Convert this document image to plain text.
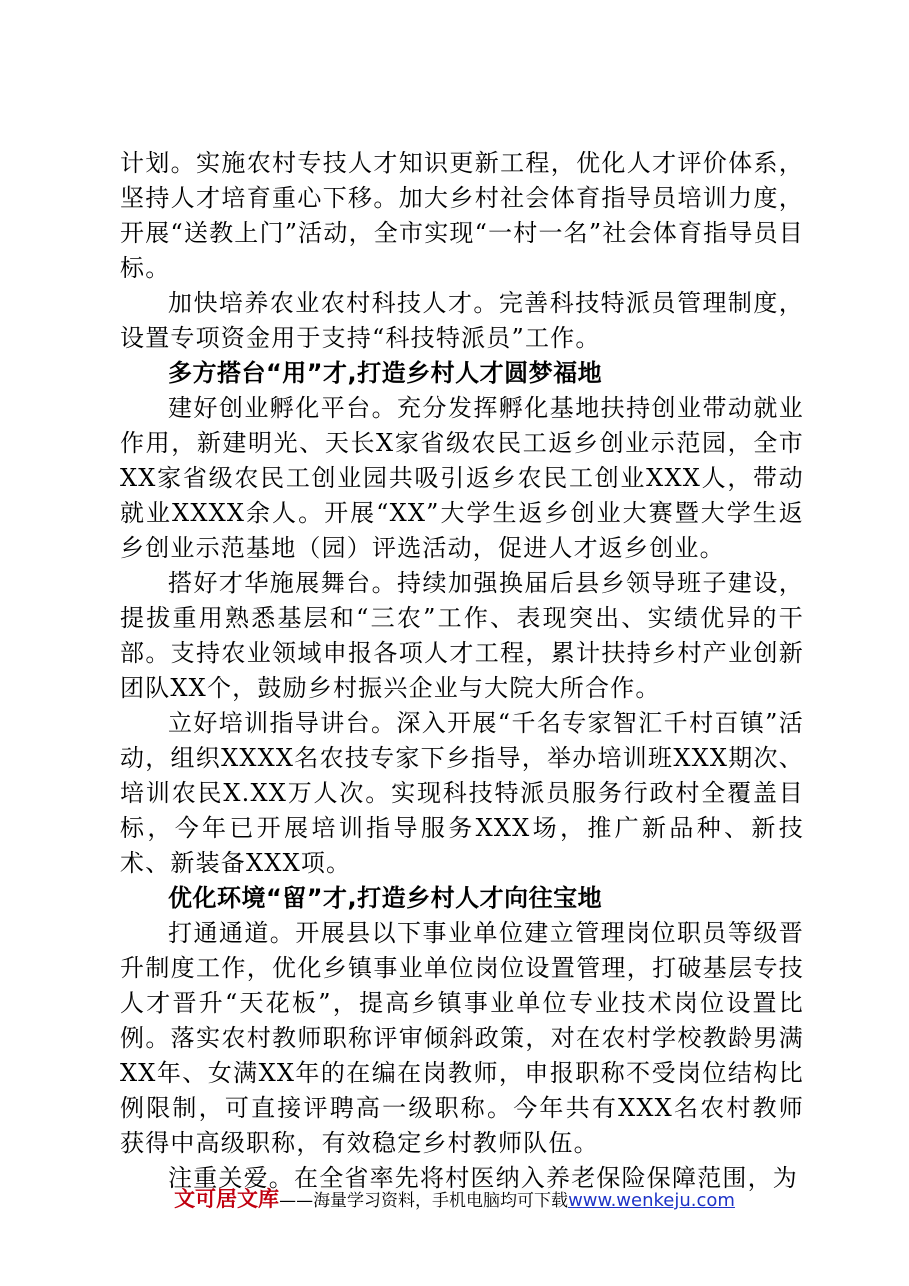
计划。实施农村专技人才知识更新工程，优化人才评价体系，坚持人才培育重心下移。加大乡村社会体育指导员培训力度，开展“送教上门”活动，全市实现“一村一名”社会体育指导员目标。

加快培养农业农村科技人才。完善科技特派员管理制度，设置专项资金用于支持“科技特派员”工作。

多方搭台“用”才,打造乡村人才圆梦福地

建好创业孵化平台。充分发挥孵化基地扶持创业带动就业作用，新建明光、天长X家省级农民工返乡创业示范园，全市XX家省级农民工创业园共吸引返乡农民工创业XXX人，带动就业XXXX余人。开展“XX”大学生返乡创业大赛暨大学生返乡创业示范基地（园）评选活动，促进人才返乡创业。

搭好才华施展舞台。持续加强换届后县乡领导班子建设，提拔重用熟悉基层和“三农”工作、表现突出、实绩优异的干部。支持农业领域申报各项人才工程，累计扶持乡村产业创新团队XX个，鼓励乡村振兴企业与大院大所合作。

立好培训指导讲台。深入开展“千名专家智汇千村百镇”活动，组织XXXX名农技专家下乡指导，举办培训班XXX期次、培训农民X.XX万人次。实现科技特派员服务行政村全覆盖目标，今年已开展培训指导服务XXX场，推广新品种、新技术、新装备XXX项。

优化环境“留”才,打造乡村人才向往宝地

打通通道。开展县以下事业单位建立管理岗位职员等级晋升制度工作，优化乡镇事业单位岗位设置管理，打破基层专技人才晋升“天花板”，提高乡镇事业单位专业技术岗位设置比例。落实农村教师职称评审倾斜政策，对在农村学校教龄男满XX年、女满XX年的在编在岗教师，申报职称不受岗位结构比例限制，可直接评聘高一级职称。今年共有XXX名农村教师获得中高级职称，有效稳定乡村教师队伍。

注重关爱。在全省率先将村医纳入养老保险保障范围，为

文可居文库——海量学习资料，手机电脑均可下载www.wenkeju.com
